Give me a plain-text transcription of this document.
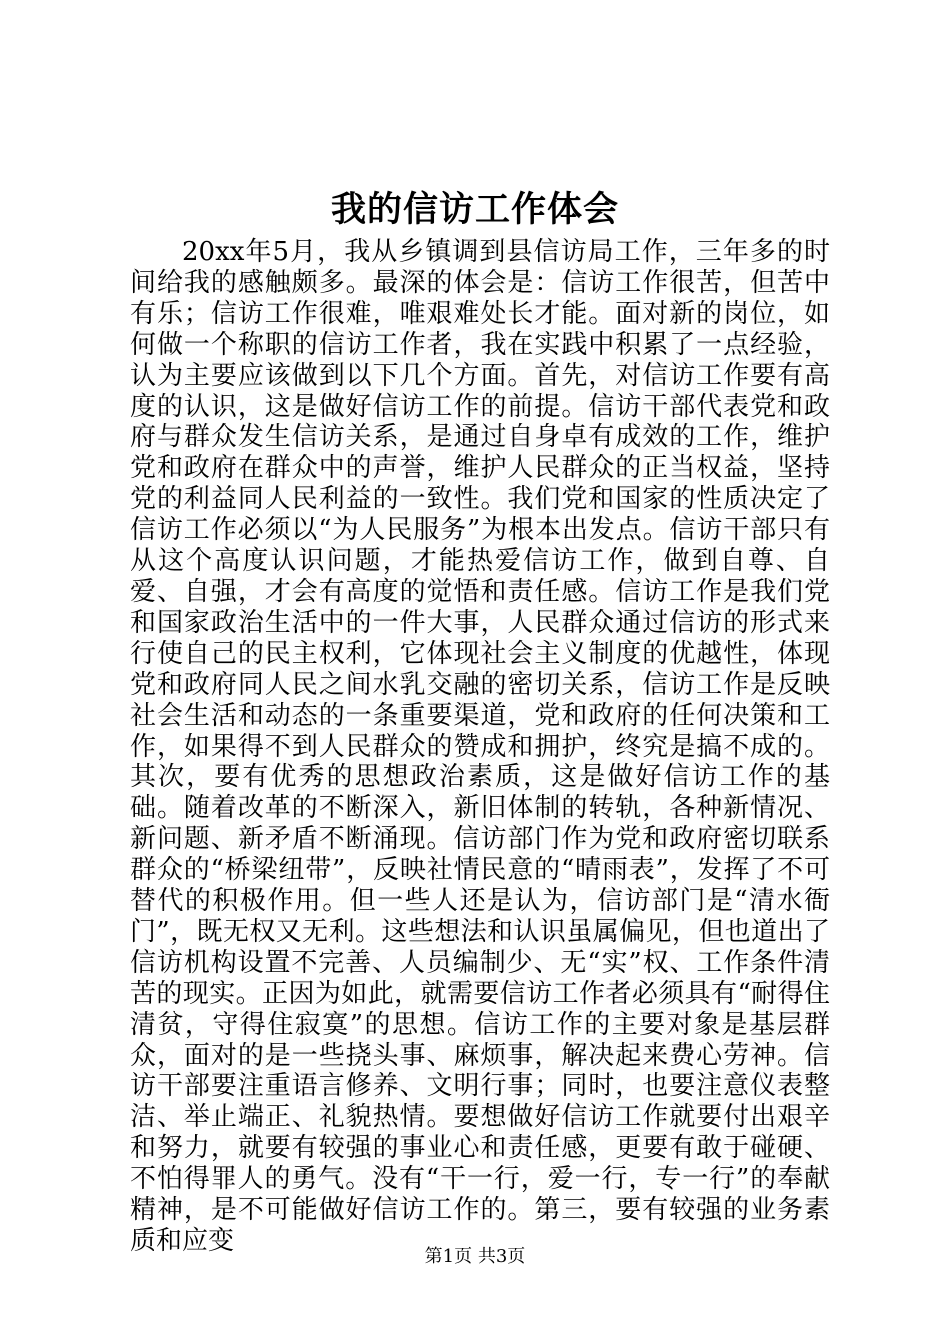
我的信访工作体会

20xx年5月，我从乡镇调到县信访局工作，三年多的时间给我的感触颇多。最深的体会是：信访工作很苦，但苦中有乐；信访工作很难，唯艰难处长才能。面对新的岗位，如何做一个称职的信访工作者，我在实践中积累了一点经验，认为主要应该做到以下几个方面。首先，对信访工作要有高度的认识，这是做好信访工作的前提。信访干部代表党和政府与群众发生信访关系，是通过自身卓有成效的工作，维护党和政府在群众中的声誉，维护人民群众的正当权益，坚持党的利益同人民利益的一致性。我们党和国家的性质决定了信访工作必须以“为人民服务”为根本出发点。信访干部只有从这个高度认识问题，才能热爱信访工作，做到自尊、自爱、自强，才会有高度的觉悟和责任感。信访工作是我们党和国家政治生活中的一件大事，人民群众通过信访的形式来行使自己的民主权利，它体现社会主义制度的优越性，体现党和政府同人民之间水乳交融的密切关系，信访工作是反映社会生活和动态的一条重要渠道，党和政府的任何决策和工作，如果得不到人民群众的赞成和拥护，终究是搞不成的。其次，要有优秀的思想政治素质，这是做好信访工作的基础。随着改革的不断深入，新旧体制的转轨，各种新情况、新问题、新矛盾不断涌现。信访部门作为党和政府密切联系群众的“桥梁纽带”，反映社情民意的“晴雨表”，发挥了不可替代的积极作用。但一些人还是认为，信访部门是“清水衙门”，既无权又无利。这些想法和认识虽属偏见，但也道出了信访机构设置不完善、人员编制少、无“实”权、工作条件清苦的现实。正因为如此，就需要信访工作者必须具有“耐得住清贫，守得住寂寞”的思想。信访工作的主要对象是基层群众，面对的是一些挠头事、麻烦事，解决起来费心劳神。信访干部要注重语言修养、文明行事；同时，也要注意仪表整洁、举止端正、礼貌热情。要想做好信访工作就要付出艰辛和努力，就要有较强的事业心和责任感，更要有敢于碰硬、不怕得罪人的勇气。没有“干一行，爱一行，专一行”的奉献精神，是不可能做好信访工作的。第三，要有较强的业务素质和应变

第1页 共3页
